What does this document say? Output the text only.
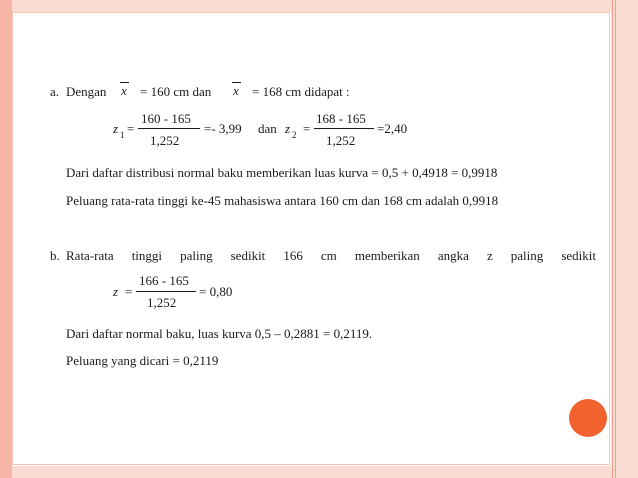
a. Dengan x = 160 cm dan x = 168 cm didapat :
z 1 =
160 - 165
1,252
=- 3,99 dan z 2 =
168 - 165
1,252
=2,40
Dari daftar distribusi normal baku memberikan luas kurva = 0,5 + 0,4918 = 0,9918
Peluang rata-rata tinggi ke-45 mahasiswa antara 160 cm dan 168 cm adalah 0,9918
b. Rata-rata tinggi paling sedikit 166 cm memberikan angka z paling sedikit
z =
166 - 165
1,252
= 0,80
Dari daftar normal baku, luas kurva 0,5 – 0,2881 = 0,2119.
Peluang yang dicari = 0,2119
